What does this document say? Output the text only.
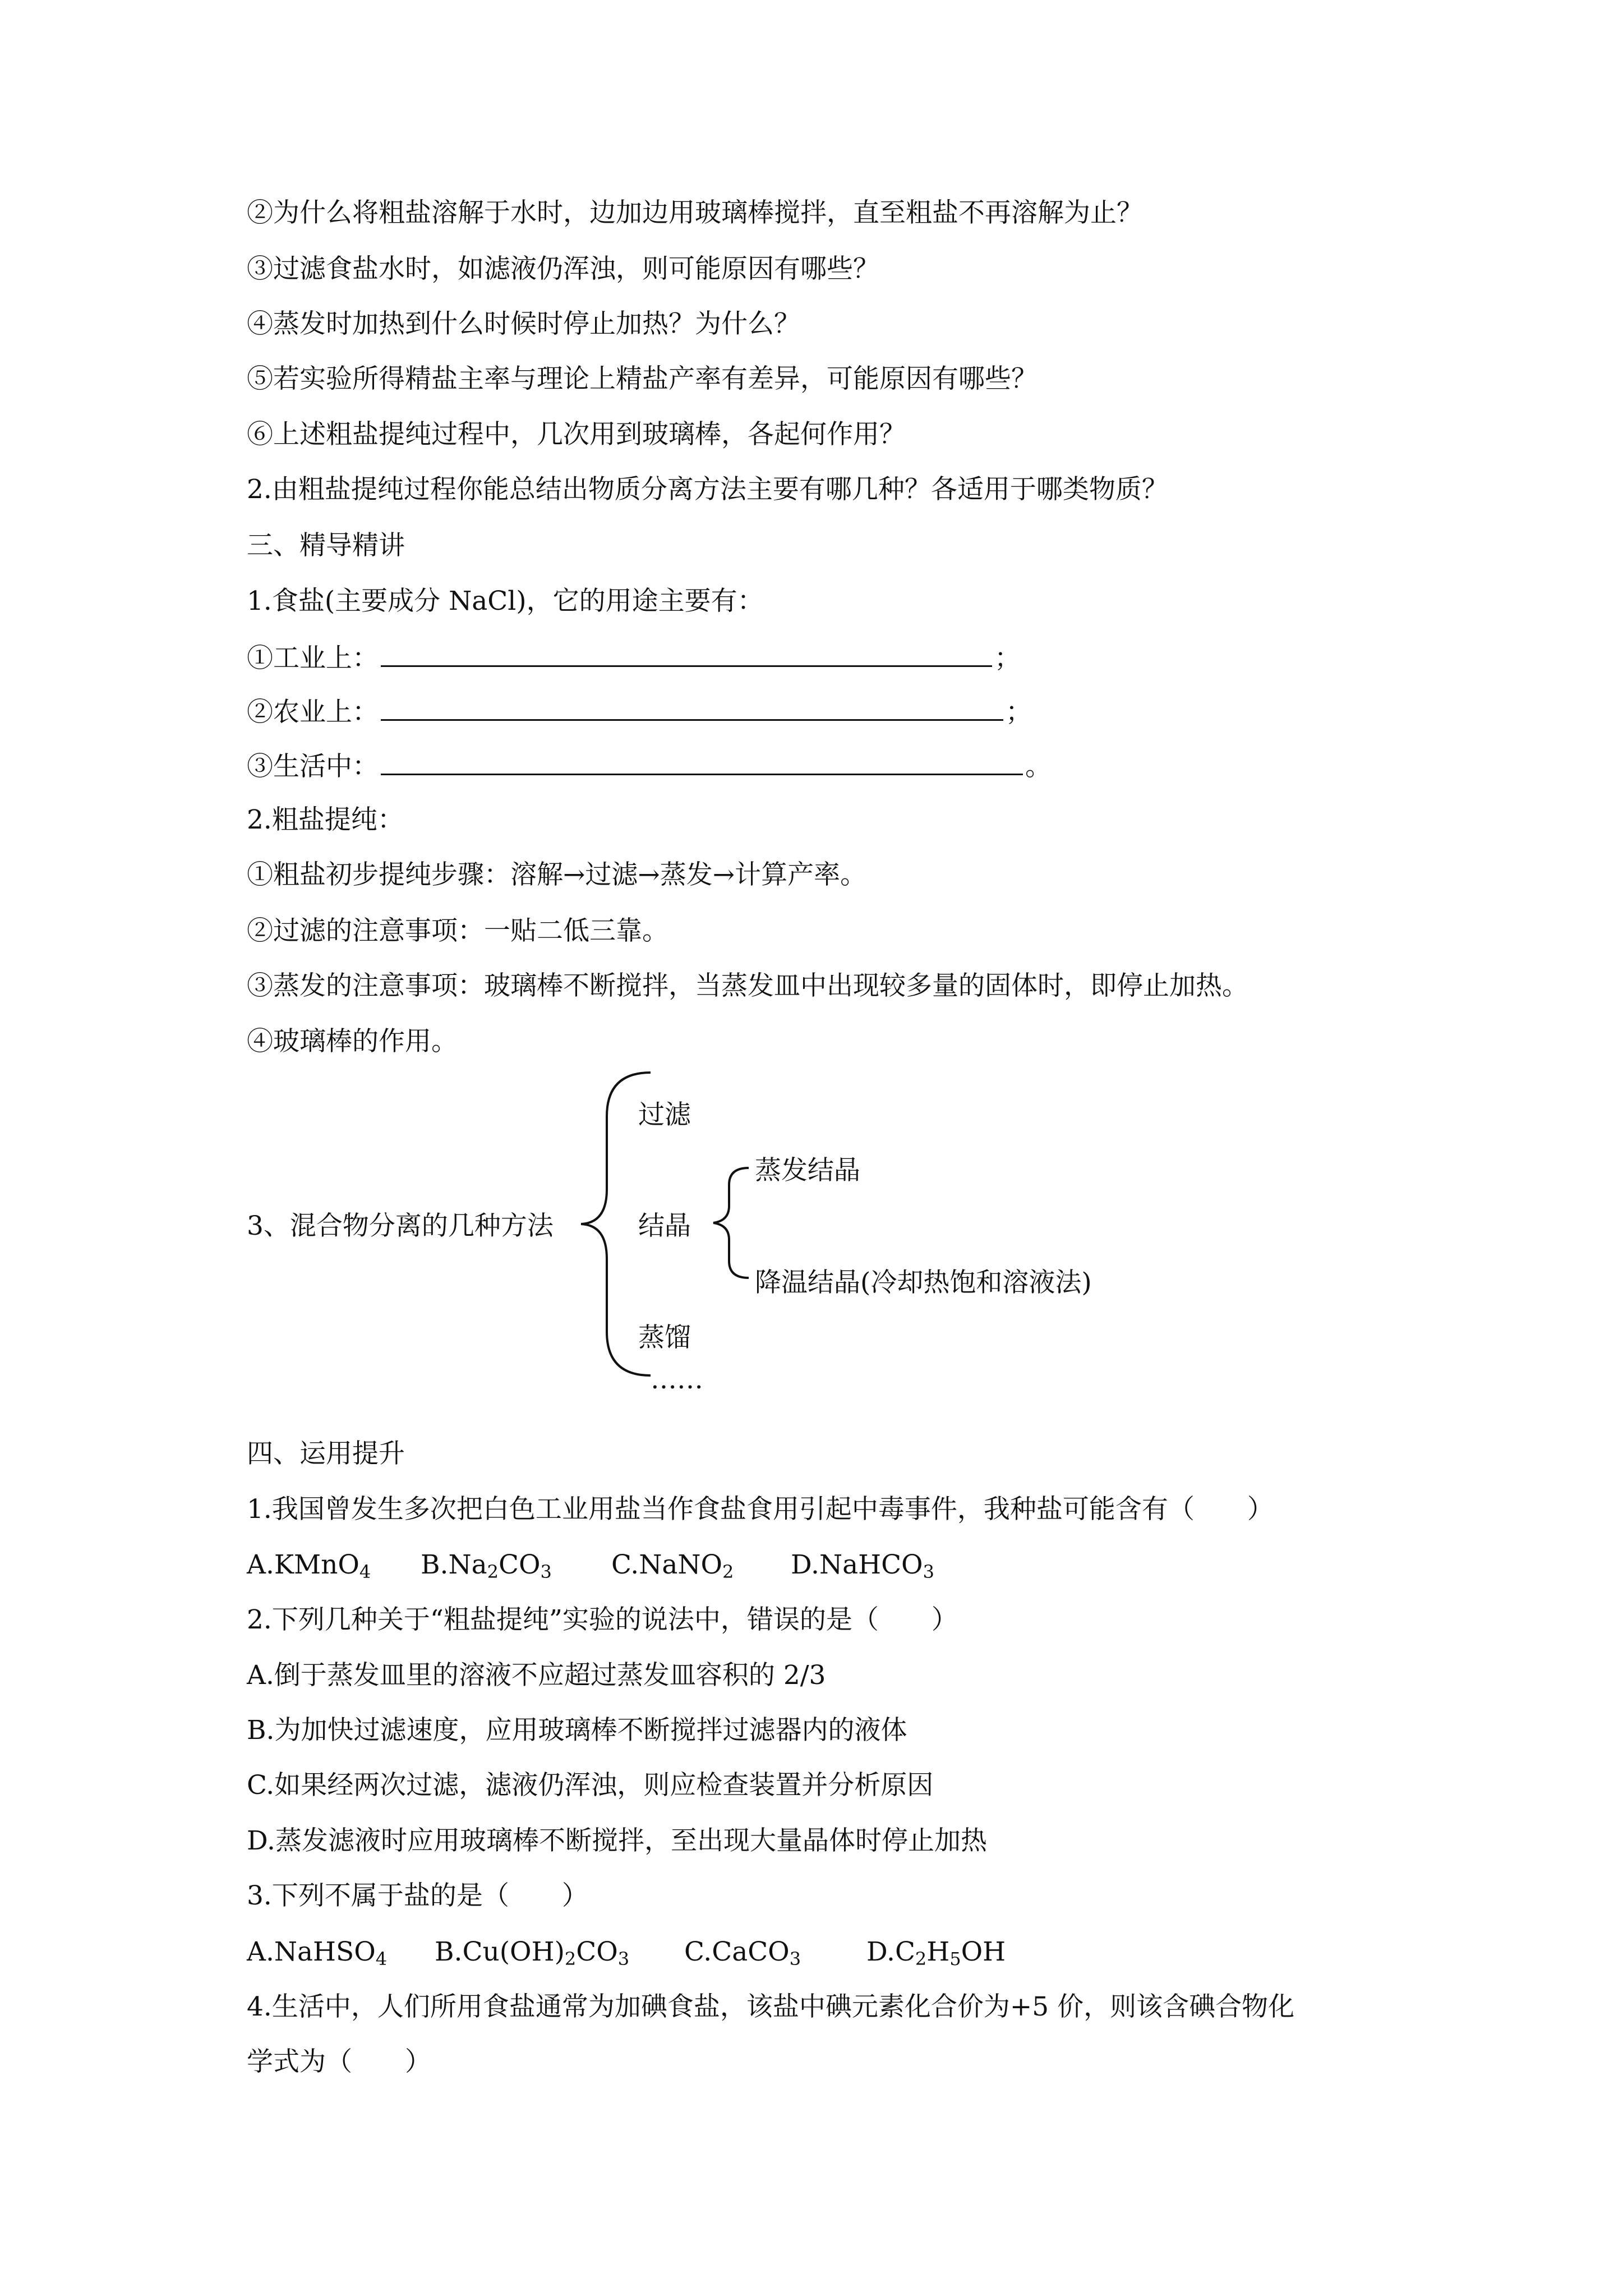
②为什么将粗盐溶解于水时，边加边用玻璃棒搅拌，直至粗盐不再溶解为止？
③过滤食盐水时，如滤液仍浑浊，则可能原因有哪些？
④蒸发时加热到什么时候时停止加热？为什么？
⑤若实验所得精盐主率与理论上精盐产率有差异，可能原因有哪些？
⑥上述粗盐提纯过程中，几次用到玻璃棒，各起何作用？
2.由粗盐提纯过程你能总结出物质分离方法主要有哪几种？各适用于哪类物质？
三、精导精讲
1.食盐(主要成分 NaCl)，它的用途主要有：
①工业上：	；
②农业上：	；
③生活中：	。
2.粗盐提纯：
①粗盐初步提纯步骤：溶解→过滤→蒸发→计算产率。
②过滤的注意事项：一贴二低三靠。
③蒸发的注意事项：玻璃棒不断搅拌，当蒸发皿中出现较多量的固体时，即停止加热。
④玻璃棒的作用。
3、混合物分离的几种方法
过滤
结晶
蒸发结晶
降温结晶(冷却热饱和溶液法)
蒸馏
……
四、运用提升
1.我国曾发生多次把白色工业用盐当作食盐食用引起中毒事件，我种盐可能含有（　　）
A.KMnO$_4$ $B.Na_2CO_3$ C.NaNO$_2$ D.NaHCO$_3$
2.下列几种关于“粗盐提纯”实验的说法中，错误的是（　　）
A.倒于蒸发皿里的溶液不应超过蒸发皿容积的 2/3
B.为加快过滤速度，应用玻璃棒不断搅拌过滤器内的液体
C.如果经两次过滤，滤液仍浑浊，则应检查装置并分析原因
D.蒸发滤液时应用玻璃棒不断搅拌，至出现大量晶体时停止加热
3.下列不属于盐的是（　　）
A.NaHSO$_4$ $B.Cu(OH)_2CO_3$ C.CaCO$_3$ $D.C_2H_5OH$
4.生活中，人们所用食盐通常为加碘食盐，该盐中碘元素化合价为+5 价，则该含碘合物化
学式为（　　）
